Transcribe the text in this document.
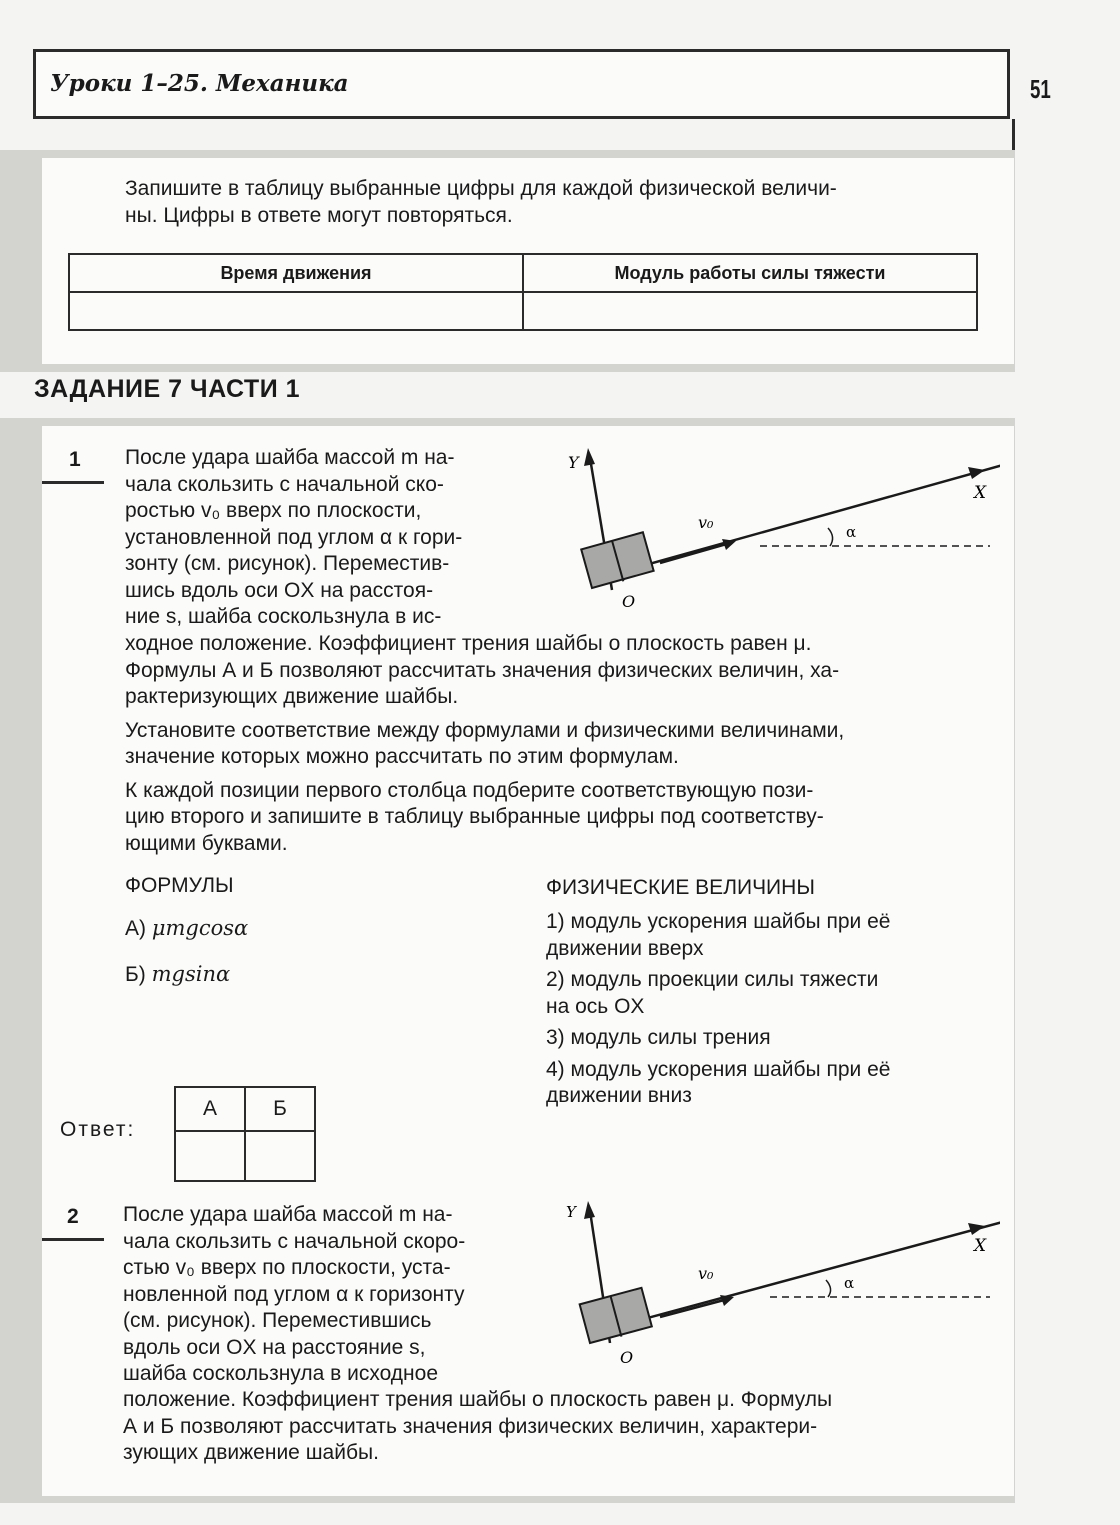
Уроки 1–25. Механика	51
Запишите в таблицу выбранные цифры для каждой физической величи-
ны. Цифры в ответе могут повторяться.
Время движения	Модуль работы силы тяжести

ЗАДАНИЕ 7 ЧАСТИ 1
1 После удара шайба массой m на-
чала скользить с начальной ско-
ростью v₀ вверх по плоскости,
установленной под углом α к гори-
зонту (см. рисунок). Переместив-
шись вдоль оси OX на расстоя-
ние s, шайба соскользнула в ис-
Y
X
O
v₀	α
ходное положение. Коэффициент трения шайбы о плоскость равен μ.
Формулы А и Б позволяют рассчитать значения физических величин, ха-
рактеризующих движение шайбы.
Установите соответствие между формулами и физическими величинами,
значение которых можно рассчитать по этим формулам.
К каждой позиции первого столбца подберите соответствующую пози-
цию второго и запишите в таблицу выбранные цифры под соответству-
ющими буквами.
ФОРМУЛЫ
А) μmgcosα
Б) mgsinα
ФИЗИЧЕСКИЕ ВЕЛИЧИНЫ
1) модуль ускорения шайбы при её
движении вверх
2) модуль проекции силы тяжести
на ось OX
3) модуль силы трения
4) модуль ускорения шайбы при её
движении вниз
Ответ:
А	Б

2 После удара шайба массой m на-
чала скользить с начальной скоро-
стью v₀ вверх по плоскости, уста-
новленной под углом α к горизонту
(см. рисунок). Переместившись
вдоль оси OX на расстояние s,
шайба соскользнула в исходное
Y
X
O
v₀	α
положение. Коэффициент трения шайбы о плоскость равен μ. Формулы
А и Б позволяют рассчитать значения физических величин, характери-
зующих движение шайбы.
